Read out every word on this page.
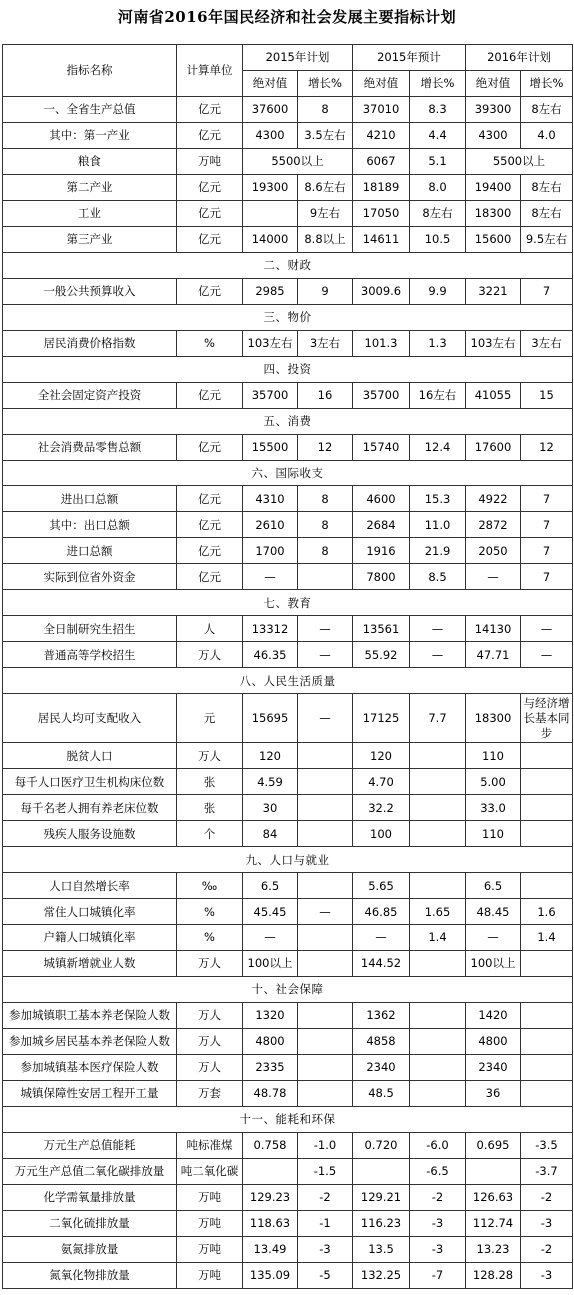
河南省2016年国民经济和社会发展主要指标计划
指标名称	计算单位	2015年计划		2015年预计		2016年计划	
		绝对值	增长%	绝对值	增长%	绝对值	增长%
一、全省生产总值	亿元	37600	8	37010	8.3	39300	8左右
其中：第一产业	亿元	4300	3.5左右	4210	4.4	4300	4.0
粮食	万吨	5500以上		6067	5.1	5500以上	
第二产业	亿元	19300	8.6左右	18189	8.0	19400	8左右
工业	亿元		9左右	17050	8左右	18300	8左右
第三产业	亿元	14000	8.8以上	14611	10.5	15600	9.5左右
二、财政							
一般公共预算收入	亿元	2985	9	3009.6	9.9	3221	7
三、物价							
居民消费价格指数	%	103左右	3左右	101.3	1.3	103左右	3左右
四、投资							
全社会固定资产投资	亿元	35700	16	35700	16左右	41055	15
五、消费							
社会消费品零售总额	亿元	15500	12	15740	12.4	17600	12
六、国际收支							
进出口总额	亿元	4310	8	4600	15.3	4922	7
其中：出口总额	亿元	2610	8	2684	11.0	2872	7
进口总额	亿元	1700	8	1916	21.9	2050	7
实际到位省外资金	亿元	—		7800	8.5	—	7
七、教育							
全日制研究生招生	人	13312	—	13561	—	14130	—
普通高等学校招生	万人	46.35	—	55.92	—	47.71	—
八、人民生活质量							
居民人均可支配收入	元	15695	—	17125	7.7	18300	与经济增长基本同步
脱贫人口	万人	120		120		110	
每千人口医疗卫生机构床位数	张	4.59		4.70		5.00	
每千名老人拥有养老床位数	张	30		32.2		33.0	
残疾人服务设施数	个	84		100		110	
九、人口与就业							
人口自然增长率	‰	6.5		5.65		6.5	
常住人口城镇化率	%	45.45	—	46.85	1.65	48.45	1.6
户籍人口城镇化率	%	—		—	1.4	—	1.4
城镇新增就业人数	万人	100以上		144.52		100以上	
十、社会保障							
参加城镇职工基本养老保险人数	万人	1320		1362		1420	
参加城乡居民基本养老保险人数	万人	4800		4858		4800	
参加城镇基本医疗保险人数	万人	2335		2340		2340	
城镇保障性安居工程开工量	万套	48.78		48.5		36	
十一、能耗和环保							
万元生产总值能耗	吨标准煤	0.758	-1.0	0.720	-6.0	0.695	-3.5
万元生产总值二氧化碳排放量	吨二氧化碳		-1.5		-6.5		-3.7
化学需氧量排放量	万吨	129.23	-2	129.21	-2	126.63	-2
二氧化硫排放量	万吨	118.63	-1	116.23	-3	112.74	-3
氨氮排放量	万吨	13.49	-3	13.5	-3	13.23	-2
氮氧化物排放量	万吨	135.09	-5	132.25	-7	128.28	-3
